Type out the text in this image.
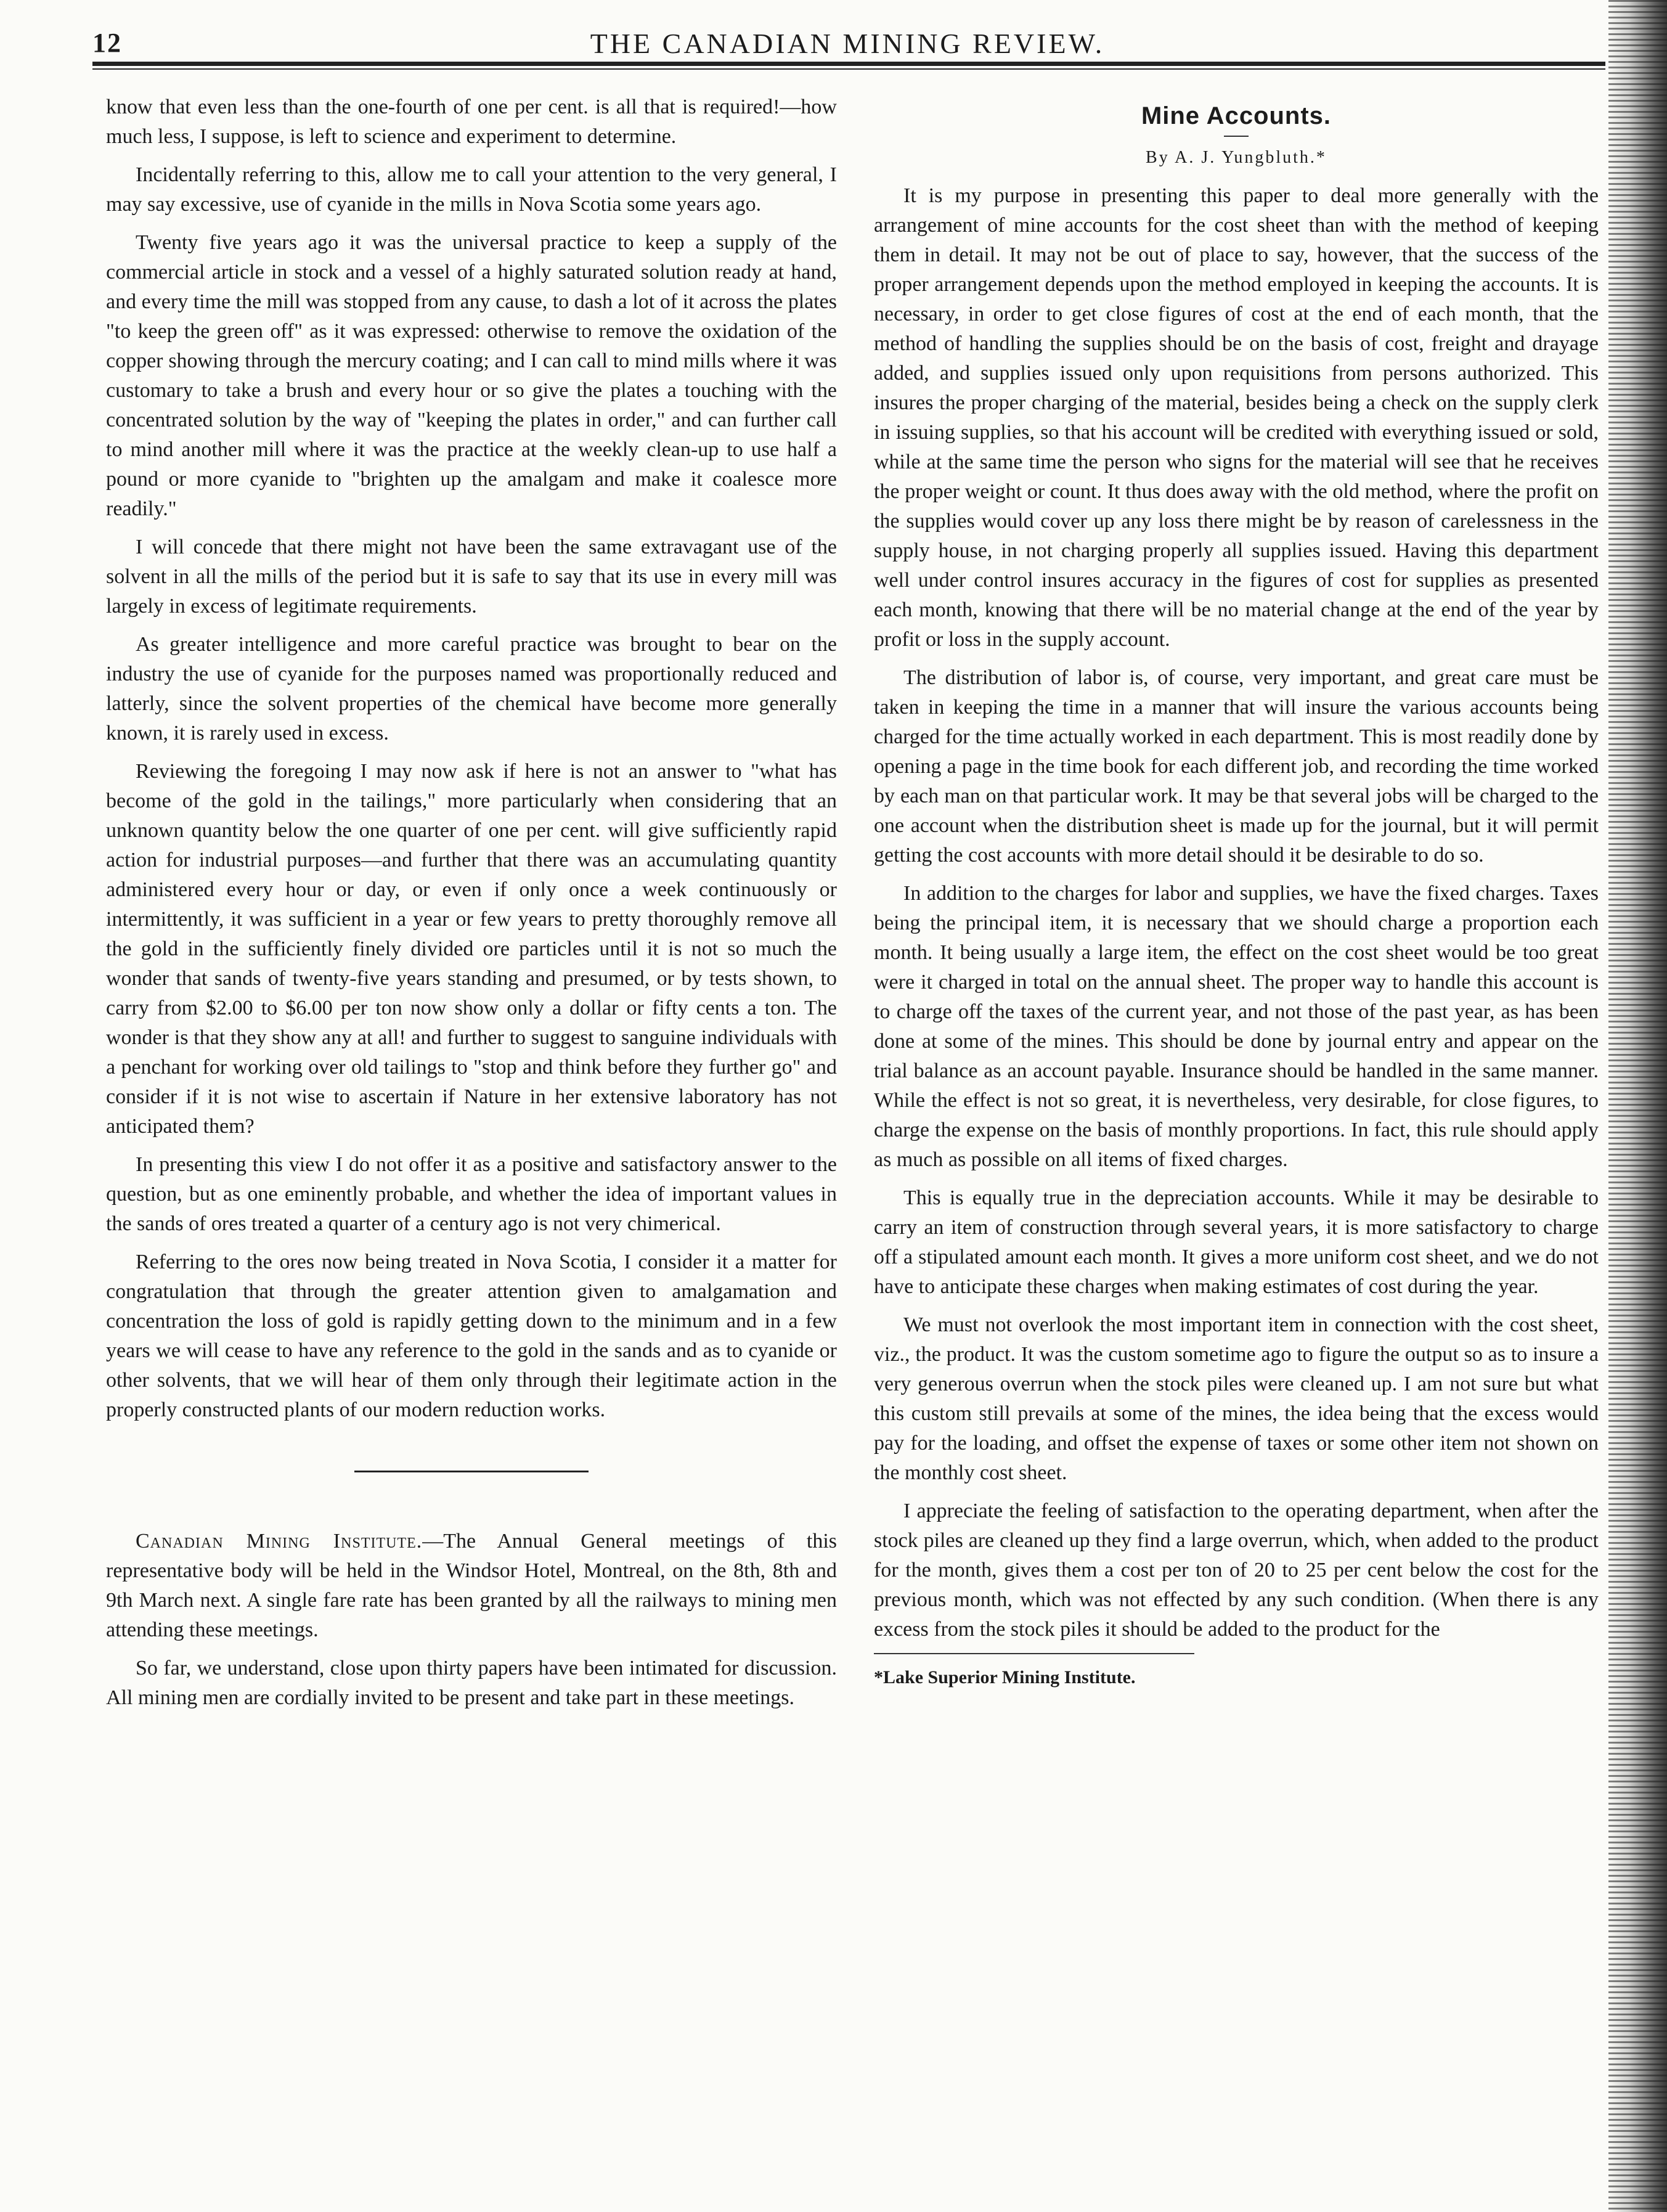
12	THE CANADIAN MINING REVIEW.

know that even less than the one-fourth of one per cent. is all that is required!—how much less, I suppose, is left to science and experiment to determine.

Incidentally referring to this, allow me to call your attention to the very general, I may say excessive, use of cyanide in the mills in Nova Scotia some years ago.

Twenty five years ago it was the universal practice to keep a supply of the commercial article in stock and a vessel of a highly saturated solution ready at hand, and every time the mill was stopped from any cause, to dash a lot of it across the plates "to keep the green off" as it was expressed: otherwise to remove the oxidation of the copper showing through the mercury coating; and I can call to mind mills where it was customary to take a brush and every hour or so give the plates a touching with the concentrated solution by the way of "keeping the plates in order," and can further call to mind another mill where it was the practice at the weekly clean-up to use half a pound or more cyanide to "brighten up the amalgam and make it coalesce more readily."

I will concede that there might not have been the same extravagant use of the solvent in all the mills of the period but it is safe to say that its use in every mill was largely in excess of legitimate requirements.

As greater intelligence and more careful practice was brought to bear on the industry the use of cyanide for the purposes named was proportionally reduced and latterly, since the solvent properties of the chemical have become more generally known, it is rarely used in excess.

Reviewing the foregoing I may now ask if here is not an answer to "what has become of the gold in the tailings," more particularly when considering that an unknown quantity below the one quarter of one per cent. will give sufficiently rapid action for industrial purposes—and further that there was an accumulating quantity administered every hour or day, or even if only once a week continuously or intermittently, it was sufficient in a year or few years to pretty thoroughly remove all the gold in the sufficiently finely divided ore particles until it is not so much the wonder that sands of twenty-five years standing and presumed, or by tests shown, to carry from $2.00 to $6.00 per ton now show only a dollar or fifty cents a ton. The wonder is that they show any at all! and further to suggest to sanguine individuals with a penchant for working over old tailings to "stop and think before they further go" and consider if it is not wise to ascertain if Nature in her extensive laboratory has not anticipated them?

In presenting this view I do not offer it as a positive and satisfactory answer to the question, but as one eminently probable, and whether the idea of important values in the sands of ores treated a quarter of a century ago is not very chimerical.

Referring to the ores now being treated in Nova Scotia, I consider it a matter for congratulation that through the greater attention given to amalgamation and concentration the loss of gold is rapidly getting down to the minimum and in a few years we will cease to have any reference to the gold in the sands and as to cyanide or other solvents, that we will hear of them only through their legitimate action in the properly constructed plants of our modern reduction works.

Canadian Mining Institute.—The Annual General meetings of this representative body will be held in the Windsor Hotel, Montreal, on the 8th, 8th and 9th March next. A single fare rate has been granted by all the railways to mining men attending these meetings.

So far, we understand, close upon thirty papers have been intimated for discussion. All mining men are cordially invited to be present and take part in these meetings.

Mine Accounts.
By A. J. Yungbluth.*

It is my purpose in presenting this paper to deal more generally with the arrangement of mine accounts for the cost sheet than with the method of keeping them in detail. It may not be out of place to say, however, that the success of the proper arrangement depends upon the method employed in keeping the accounts. It is necessary, in order to get close figures of cost at the end of each month, that the method of handling the supplies should be on the basis of cost, freight and drayage added, and supplies issued only upon requisitions from persons authorized. This insures the proper charging of the material, besides being a check on the supply clerk in issuing supplies, so that his account will be credited with everything issued or sold, while at the same time the person who signs for the material will see that he receives the proper weight or count. It thus does away with the old method, where the profit on the supplies would cover up any loss there might be by reason of carelessness in the supply house, in not charging properly all supplies issued. Having this department well under control insures accuracy in the figures of cost for supplies as presented each month, knowing that there will be no material change at the end of the year by profit or loss in the supply account.

The distribution of labor is, of course, very important, and great care must be taken in keeping the time in a manner that will insure the various accounts being charged for the time actually worked in each department. This is most readily done by opening a page in the time book for each different job, and recording the time worked by each man on that particular work. It may be that several jobs will be charged to the one account when the distribution sheet is made up for the journal, but it will permit getting the cost accounts with more detail should it be desirable to do so.

In addition to the charges for labor and supplies, we have the fixed charges. Taxes being the principal item, it is necessary that we should charge a proportion each month. It being usually a large item, the effect on the cost sheet would be too great were it charged in total on the annual sheet. The proper way to handle this account is to charge off the taxes of the current year, and not those of the past year, as has been done at some of the mines. This should be done by journal entry and appear on the trial balance as an account payable. Insurance should be handled in the same manner. While the effect is not so great, it is nevertheless, very desirable, for close figures, to charge the expense on the basis of monthly proportions. In fact, this rule should apply as much as possible on all items of fixed charges.

This is equally true in the depreciation accounts. While it may be desirable to carry an item of construction through several years, it is more satisfactory to charge off a stipulated amount each month. It gives a more uniform cost sheet, and we do not have to anticipate these charges when making estimates of cost during the year.

We must not overlook the most important item in connection with the cost sheet, viz., the product. It was the custom sometime ago to figure the output so as to insure a very generous overrun when the stock piles were cleaned up. I am not sure but what this custom still prevails at some of the mines, the idea being that the excess would pay for the loading, and offset the expense of taxes or some other item not shown on the monthly cost sheet.

I appreciate the feeling of satisfaction to the operating department, when after the stock piles are cleaned up they find a large overrun, which, when added to the product for the month, gives them a cost per ton of 20 to 25 per cent below the cost for the previous month, which was not effected by any such condition. (When there is any excess from the stock piles it should be added to the product for the

*Lake Superior Mining Institute.
